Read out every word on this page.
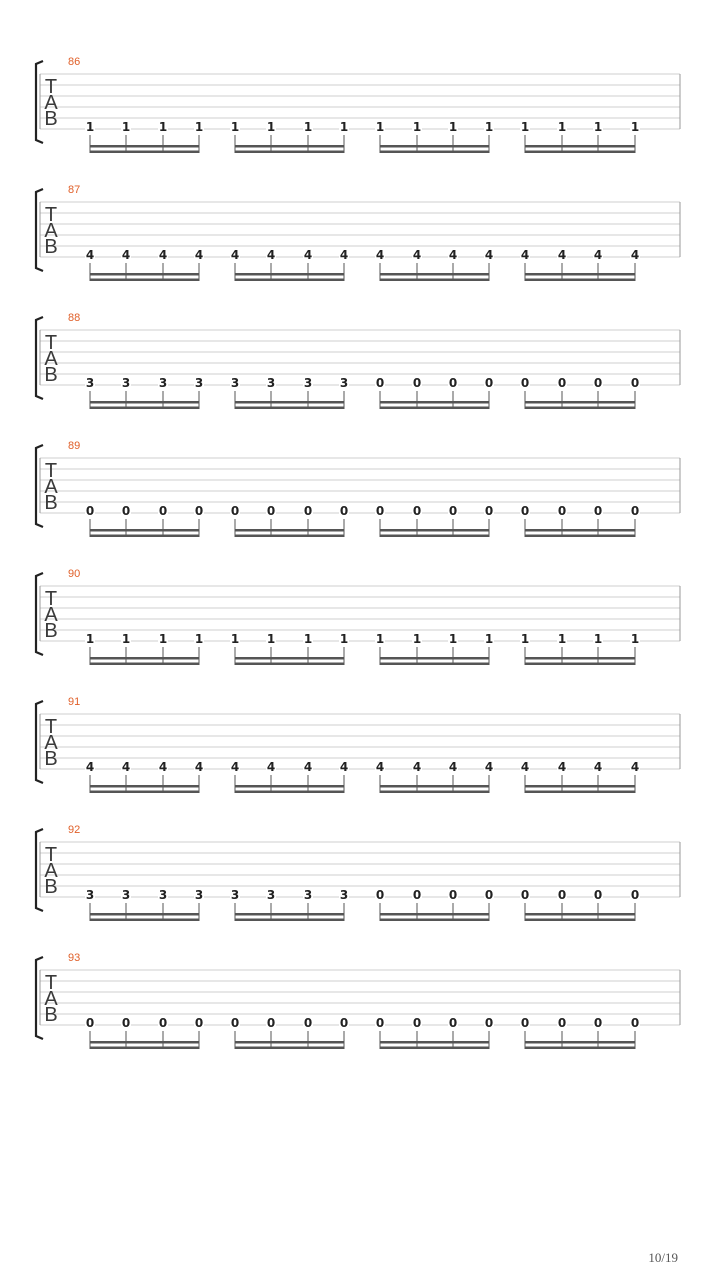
86
T
A
B 1 1 1 1 1 1 1 1 1 1 1 1 1 1 1 1
87
T
A
B 4 4 4 4 4 4 4 4 4 4 4 4 4 4 4 4
88
T
A
B 3 3 3 3 3 3 3 3 0 0 0 0 0 0 0 0
89
T
A
B 0 0 0 0 0 0 0 0 0 0 0 0 0 0 0 0
90
T
A
B 1 1 1 1 1 1 1 1 1 1 1 1 1 1 1 1
91
T
A
B 4 4 4 4 4 4 4 4 4 4 4 4 4 4 4 4
92
T
A
B 3 3 3 3 3 3 3 3 0 0 0 0 0 0 0 0
93
T
A
B 0 0 0 0 0 0 0 0 0 0 0 0 0 0 0 0
10/19
